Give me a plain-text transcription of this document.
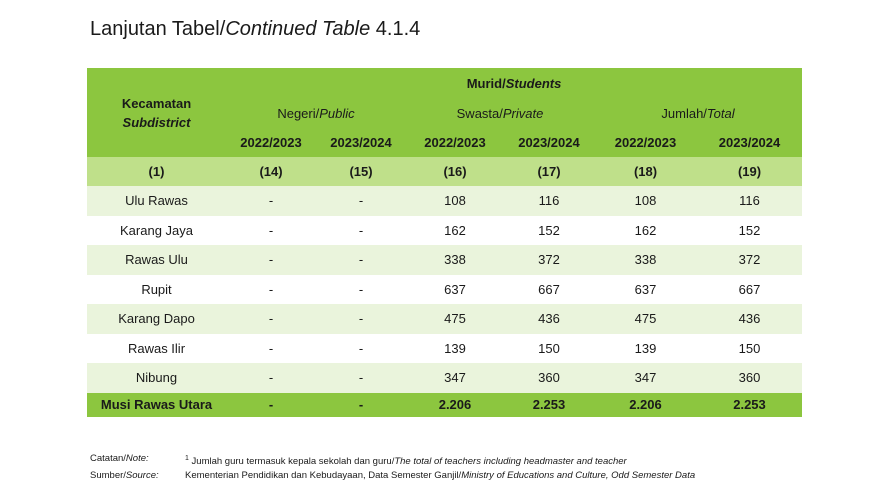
Lanjutan Tabel/Continued Table 4.1.4
Kecamatan
Subdistrict	Murid/Students					
	Negeri/Public		Swasta/Private		Jumlah/Total	
	2022/2023	2023/2024	2022/2023	2023/2024	2022/2023	2023/2024
(1)	(14)	(15)	(16)	(17)	(18)	(19)
Ulu Rawas	-	-	108	116	108	116
Karang Jaya	-	-	162	152	162	152
Rawas Ulu	-	-	338	372	338	372
Rupit	-	-	637	667	637	667
Karang Dapo	-	-	475	436	475	436
Rawas Ilir	-	-	139	150	139	150
Nibung	-	-	347	360	347	360
Musi Rawas Utara	-	-	2.206	2.253	2.206	2.253
Catatan/Note:	$^1$ Jumlah guru termasuk kepala sekolah dan guru/The total of teachers including headmaster and teacher
Sumber/Source:	Kementerian Pendidikan dan Kebudayaan, Data Semester Ganjil/Ministry of Educations and Culture, Odd Semester Data
